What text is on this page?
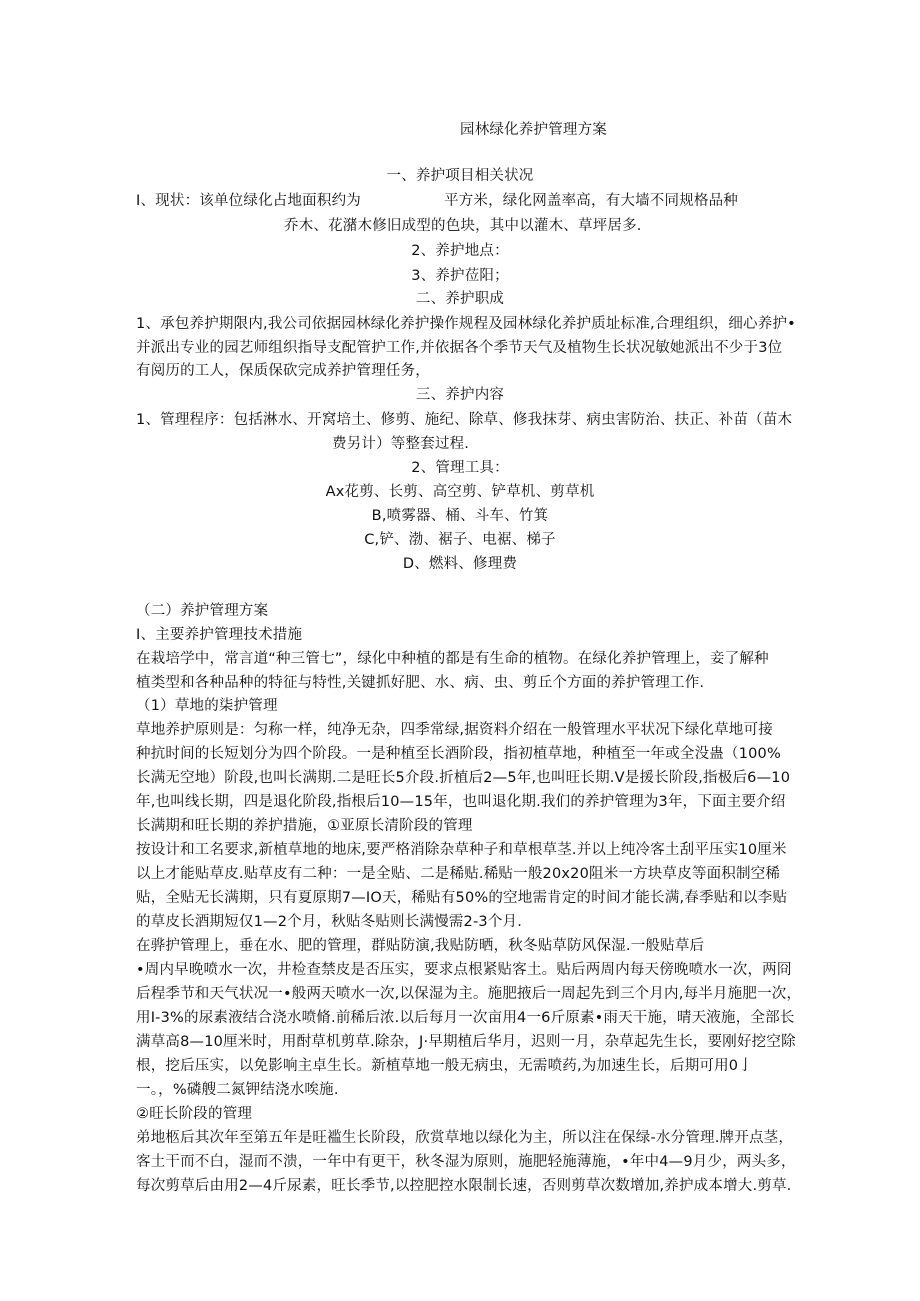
园林绿化养护管理方案
一、养护项目相关状况
I、现状：该单位绿化占地面积约为	平方米，绿化网盖率高，有大墙不同规格品种
乔木、花潴木修旧成型的色块，其中以灌木、草坪居多.
2、养护地点：
3、养护莅阳；
二、养护职成
1、承包养护期限内,我公司依据园林绿化养护操作规程及园林绿化养护质址标准,合理组织，细心养护•
并派出专业的园艺师组织指导支配管护工作,并依据各个季节天气及植物生长状况敏她派出不少于3位
有阅历的工人，保质保砍完成养护管理任务，
三、养护内容
1、管理程序：包括淋水、开窝培土、修剪、施纪、除草、修我抹芽、病虫害防治、扶正、补苗（苗木
费另计）等整套过程.
2、管理工具：
Ax花剪、长剪、高空剪、铲草机、剪草机
B,喷雾器、桶、斗车、竹箕
C,铲、渤、裾子、电裾、梯子
D、燃料、修理费
（二）养护管理方案
I、主要养护管理技术措施
在栽培学中，常言道“种三管七”，绿化中种植的都是有生命的植物。在绿化养护管理上，妾了解种
植类型和各种品种的特征与特性,关键抓好肥、水、病、虫、剪丘个方面的养护管理工作.
（1）草地的柒护管理
草地养护原则是：匀称一样，纯净无杂，四季常绿,据资料介绍在一般管理水平状况下绿化草地可接
种抗时间的长短划分为四个阶段。一是种植至长酒阶段，指初植草地，种植至一年或全没蛊（100%
长满无空地）阶段,也叫长满期.二是旺长5介段.折植后2—5年,也叫旺长期.V是援长阶段,指极后6—10
年,也叫线长期，四是退化阶段,指根后10—15年，也叫退化期.我们的养护管理为3年，下面主要介绍
长满期和旺长期的养护措施，①亚原长清阶段的管理
按设计和工名要求,新植草地的地床,要严格消除杂草种子和草根草茎.并以上纯冷客土刮平压实10厘米
以上才能贴草皮.贴草皮有二种：一是全贴、二是稀贴.稀贴一般20x20阻米一方块草皮等面积制空稀
贴，全贴无长满期，只有夏原期7—IO天，稀贴有50%的空地需肯定的时间才能长满,春季贴和以李贴
的草皮长酒期短仅1—2个月，秋贴冬贴则长满慢需2-3个月.
在骅护管理上，垂在水、肥的管理，群贴防演,我贴防晒，秋冬贴草防风保湿.一般贴草后
•周内早晚喷水一次，井检查禁皮是否压实，要求点根紧贴客土。贴后两周内每天傍晚喷水一次，两冏
后程季节和天气状况一•般两天喷水一次,以保湿为主。施肥掖后一周起先到三个月内,每半月施肥一次，
用I-3%的尿素液结合浇水喷脩.前稀后浓.以后每月一次亩用4一6斤原素•雨天干施，晴天液施，全部长
满草高8—10厘米时，用酎草机剪草.除杂，J·早期植后华月，迟则一月，杂草起先生长，要刚好挖空除
根，挖后压实，以免影响主卓生长。新植草地一般无病虫，无需喷药,为加速生长，后期可用0亅
一。，%磷艘二氮钾结浇水唉施.
②旺长阶段的管理
弟地柩后其次年至第五年是旺褴生长阶段，欣赏草地以绿化为主，所以注在保绿-水分管理.牌开点茎，
客土干而不白，湿而不溃，一年中有更干，秋冬湿为原则，施肥轻施薄施，•年中4—9月少，两头多，
每次剪草后由用2—4斤尿素，旺长季节,以控肥控水限制长速，否则剪草次数增加,养护成本增大.剪草.
